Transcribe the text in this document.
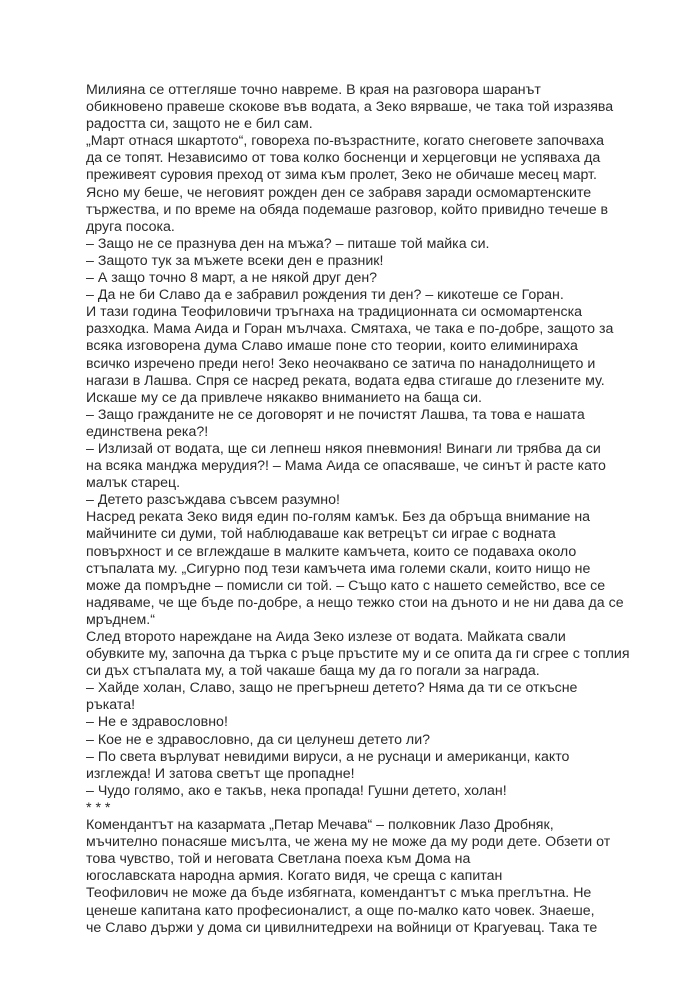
Милияна се оттегляше точно навреме. В края на разговора шаранът
обикновено правеше скокове във водата, а Зеко вярваше, че така той изразява
радостта си, защото не е бил сам.
„Март отнася шкартото“, говореха по-възрастните, когато снеговете започваха
да се топят. Независимо от това колко босненци и херцеговци не успяваха да
преживеят суровия преход от зима към пролет, Зеко не обичаше месец март.
Ясно му беше, че неговият рожден ден се забравя заради осмомартенските
тържества, и по време на обяда подемаше разговор, който привидно течеше в
друга посока.
– Защо не се празнува ден на мъжа? – питаше той майка си.
– Защото тук за мъжете всеки ден е празник!
– А защо точно 8 март, а не някой друг ден?
– Да не би Славо да е забравил рождения ти ден? – кикотеше се Горан.
И тази година Теофиловичи тръгнаха на традиционната си осмомартенска
разходка. Мама Аида и Горан мълчаха. Смятаха, че така е по-добре, защото за
всяка изговорена дума Славо имаше поне сто теории, които елиминираха
всичко изречено преди него! Зеко неочаквано се затича по нанадолнището и
нагази в Лашва. Спря се насред реката, водата едва стигаше до глезените му.
Искаше му се да привлече някакво вниманието на баща си.
– Защо гражданите не се договорят и не почистят Лашва, та това е нашата
единствена река?!
– Излизай от водата, ще си лепнеш някоя пневмония! Винаги ли трябва да си
на всяка манджа мерудия?! – Мама Аида се опасяваше, че синът ѝ расте като
малък старец.
– Детето разсъждава съвсем разумно!
Насред реката Зеко видя един по-голям камък. Без да обръща внимание на
майчините си думи, той наблюдаваше как ветрецът си играе с водната
повърхност и се вглеждаше в малките камъчета, които се подаваха около
стъпалата му. „Сигурно под тези камъчета има големи скали, които нищо не
може да помръдне – помисли си той. – Също като с нашето семейство, все се
надяваме, че ще бъде по-добре, а нещо тежко стои на дъното и не ни дава да се
мръднем.“
След второто нареждане на Аида Зеко излезе от водата. Майката свали
обувките му, започна да търка с ръце пръстите му и се опита да ги сгрее с топлия
си дъх стъпалата му, а той чакаше баща му да го погали за награда.
– Хайде холан, Славо, защо не прегърнеш детето? Няма да ти се откъсне
ръката!
– Не е здравословно!
– Кое не е здравословно, да си целунеш детето ли?
– По света върлуват невидими вируси, а не руснаци и американци, както
изглежда! И затова светът ще пропадне!
– Чудо голямо, ако е такъв, нека пропада! Гушни детето, холан!
* * *
Комендантът на казармата „Петар Мечава“ – полковник Лазо Дробняк,
мъчително понасяше мисълта, че жена му не може да му роди дете. Обзети от
това чувство, той и неговата Светлана поеха към Дома на
югославската народна армия. Когато видя, че среща с капитан
Теофилович не може да бъде избягната, комендантът с мъка преглътна. Не
ценеше капитана като професионалист, а още по-малко като човек. Знаеше,
че Славо държи у дома си цивилнитедрехи на войници от Крагуевац. Така те
